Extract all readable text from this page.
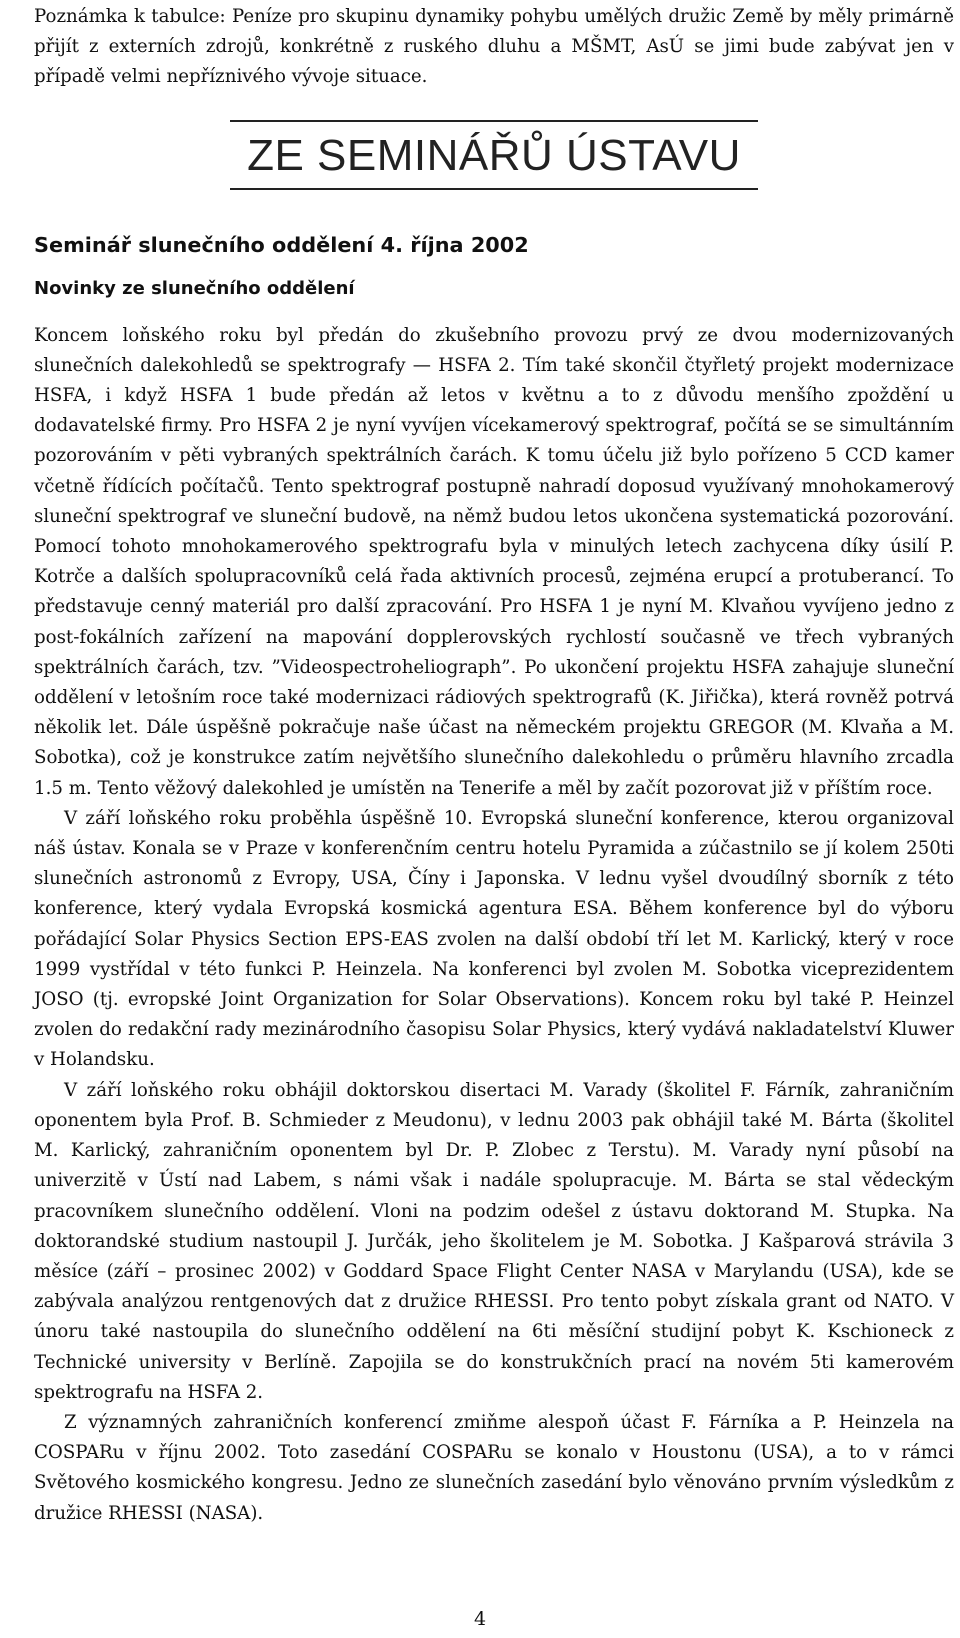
Poznámka k tabulce: Peníze pro skupinu dynamiky pohybu umělých družic Země by měly primárně přijít z externích zdrojů, konkrétně z ruského dluhu a MŠMT, AsÚ se jimi bude zabývat jen v případě velmi nepříznivého vývoje situace.

ZE SEMINÁŘŮ ÚSTAVU
Seminář slunečního oddělení 4. října 2002
Novinky ze slunečního oddělení

Koncem loňského roku byl předán do zkušebního provozu prvý ze dvou modernizovaných slunečních dalekohledů se spektrografy — HSFA 2. Tím také skončil čtyřletý projekt modernizace HSFA, i když HSFA 1 bude předán až letos v květnu a to z důvodu menšího zpoždění u dodavatelské firmy. Pro HSFA 2 je nyní vyvíjen vícekamerový spektrograf, počítá se se simultánním pozorováním v pěti vybraných spektrálních čarách. K tomu účelu již bylo pořízeno 5 CCD kamer včetně řídících počítačů. Tento spektrograf postupně nahradí doposud využívaný mnohokamerový sluneční spektrograf ve sluneční budově, na němž budou letos ukončena systematická pozorování. Pomocí tohoto mnohokamerového spektrografu byla v minulých letech zachycena díky úsilí P. Kotrče a dalších spolupracovníků celá řada aktivních procesů, zejména erupcí a protuberancí. To představuje cenný materiál pro další zpracování. Pro HSFA 1 je nyní M. Klvaňou vyvíjeno jedno z post-fokálních zařízení na mapování dopplerovských rychlostí současně ve třech vybraných spektrálních čarách, tzv. ”Videospectroheliograph”. Po ukončení projektu HSFA zahajuje sluneční oddělení v letošním roce také modernizaci rádiových spektrografů (K. Jiřička), která rovněž potrvá několik let. Dále úspěšně pokračuje naše účast na německém projektu GREGOR (M. Klvaňa a M. Sobotka), což je konstrukce zatím největšího slunečního dalekohledu o průměru hlavního zrcadla 1.5 m. Tento věžový dalekohled je umístěn na Tenerife a měl by začít pozorovat již v příštím roce.

V září loňského roku proběhla úspěšně 10. Evropská sluneční konference, kterou organizoval náš ústav. Konala se v Praze v konferenčním centru hotelu Pyramida a zúčastnilo se jí kolem 250ti slunečních astronomů z Evropy, USA, Číny i Japonska. V lednu vyšel dvoudílný sborník z této konference, který vydala Evropská kosmická agentura ESA. Během konference byl do výboru pořádající Solar Physics Section EPS-EAS zvolen na další období tří let M. Karlický, který v roce 1999 vystřídal v této funkci P. Heinzela. Na konferenci byl zvolen M. Sobotka viceprezidentem JOSO (tj. evropské Joint Organization for Solar Observations). Koncem roku byl také P. Heinzel zvolen do redakční rady mezinárodního časopisu Solar Physics, který vydává nakladatelství Kluwer v Holandsku.

V září loňského roku obhájil doktorskou disertaci M. Varady (školitel F. Fárník, zahraničním oponentem byla Prof. B. Schmieder z Meudonu), v lednu 2003 pak obhájil také M. Bárta (školitel M. Karlický, zahraničním oponentem byl Dr. P. Zlobec z Terstu). M. Varady nyní působí na univerzitě v Ústí nad Labem, s námi však i nadále spolupracuje. M. Bárta se stal vědeckým pracovníkem slunečního oddělení. Vloni na podzim odešel z ústavu doktorand M. Stupka. Na doktorandské studium nastoupil J. Jurčák, jeho školitelem je M. Sobotka. J Kašparová strávila 3 měsíce (září – prosinec 2002) v Goddard Space Flight Center NASA v Marylandu (USA), kde se zabývala analýzou rentgenových dat z družice RHESSI. Pro tento pobyt získala grant od NATO. V únoru také nastoupila do slunečního oddělení na 6ti měsíční studijní pobyt K. Kschioneck z Technické university v Berlíně. Zapojila se do konstrukčních prací na novém 5ti kamerovém spektrografu na HSFA 2.

Z významných zahraničních konferencí zmiňme alespoň účast F. Fárníka a P. Heinzela na COSPARu v říjnu 2002. Toto zasedání COSPARu se konalo v Houstonu (USA), a to v rámci Světového kosmického kongresu. Jedno ze slunečních zasedání bylo věnováno prvním výsledkům z družice RHESSI (NASA).

4
